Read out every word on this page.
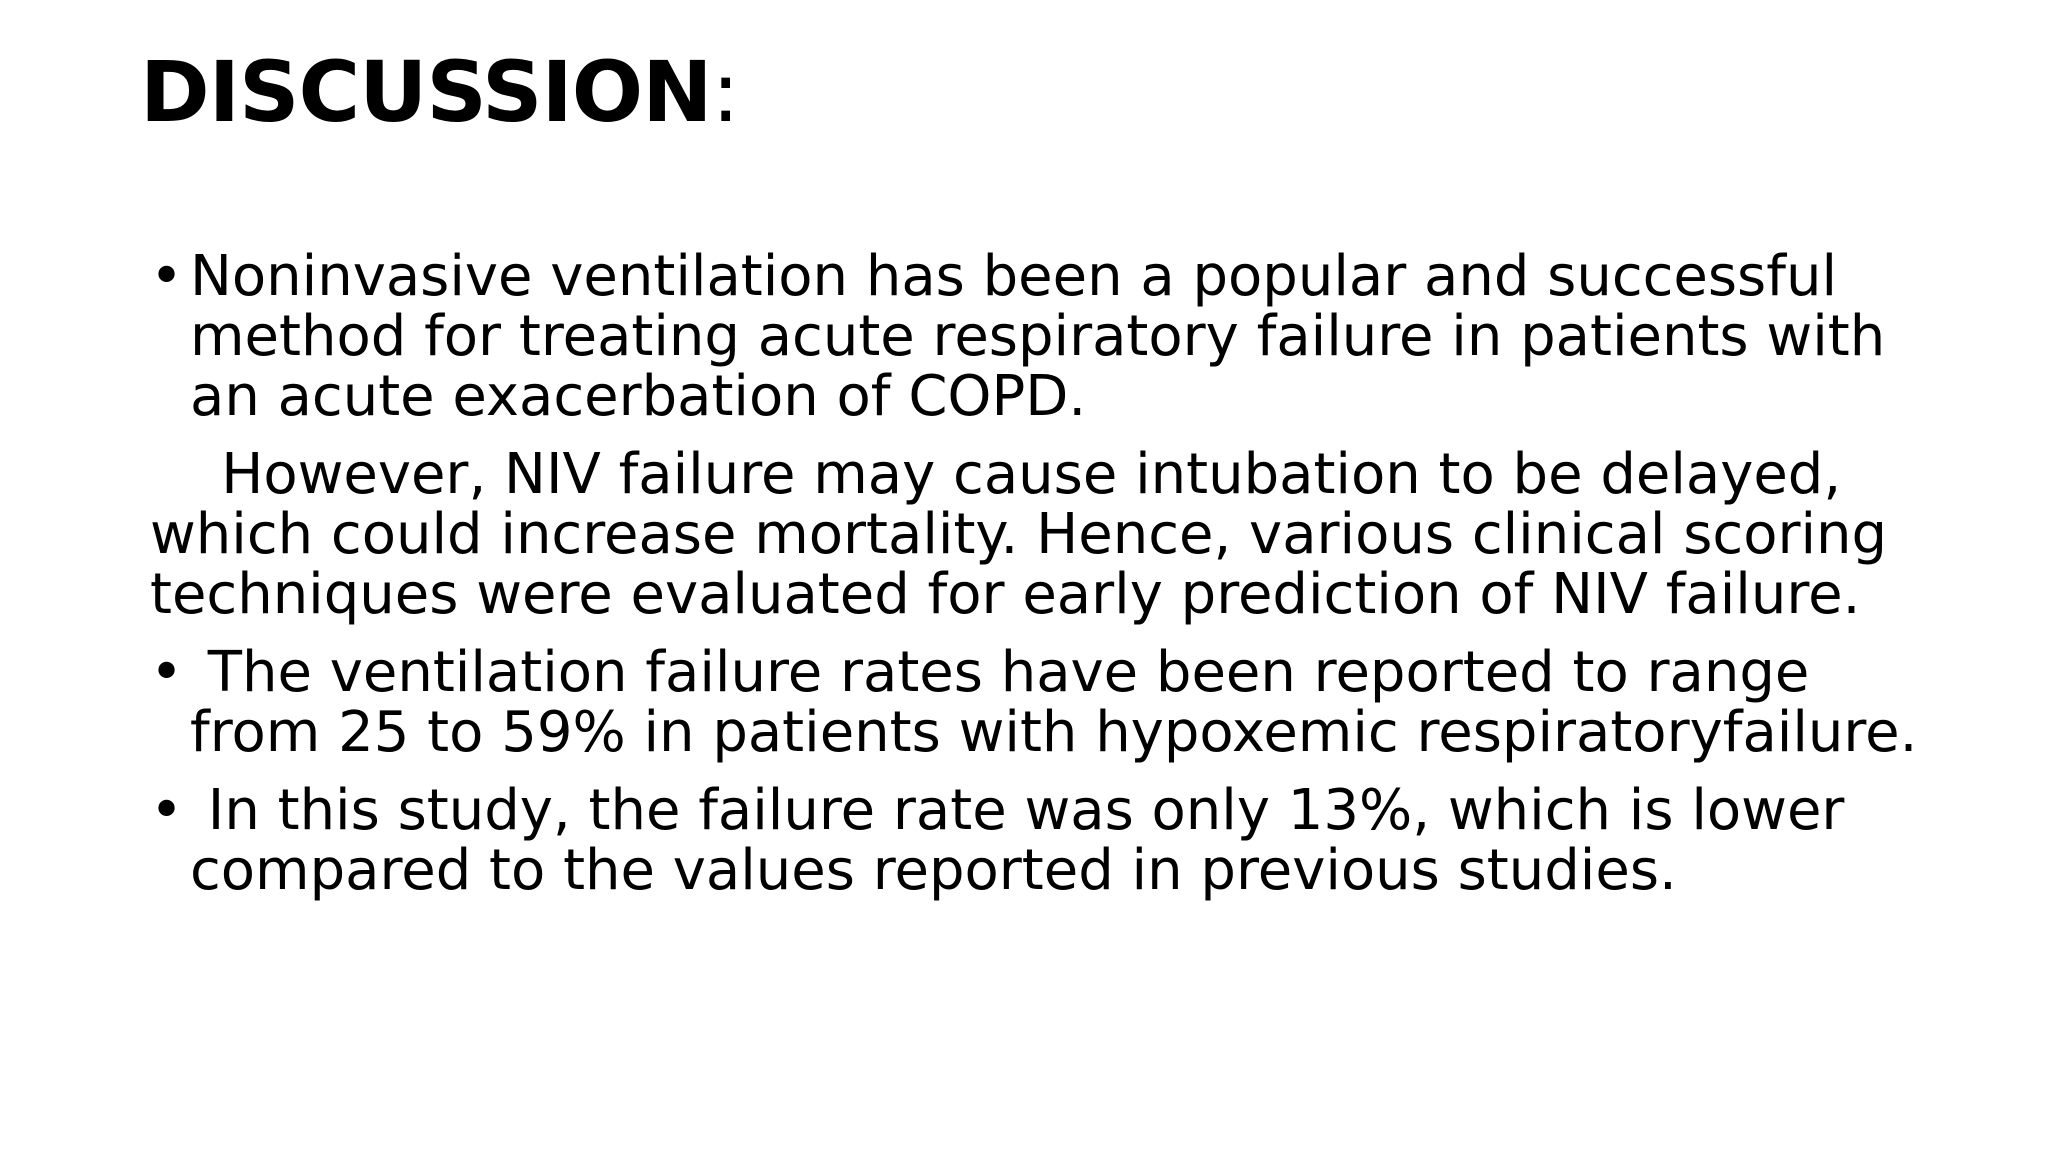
DISCUSSION:
• Noninvasive ventilation has been a popular and successful
method for treating acute respiratory failure in patients with
an acute exacerbation of COPD.
However, NIV failure may cause intubation to be delayed,
which could increase mortality. Hence, various clinical scoring
techniques were evaluated for early prediction of NIV failure.
• The ventilation failure rates have been reported to range
from 25 to 59% in patients with hypoxemic respiratoryfailure.
• In this study, the failure rate was only 13%, which is lower
compared to the values reported in previous studies.
